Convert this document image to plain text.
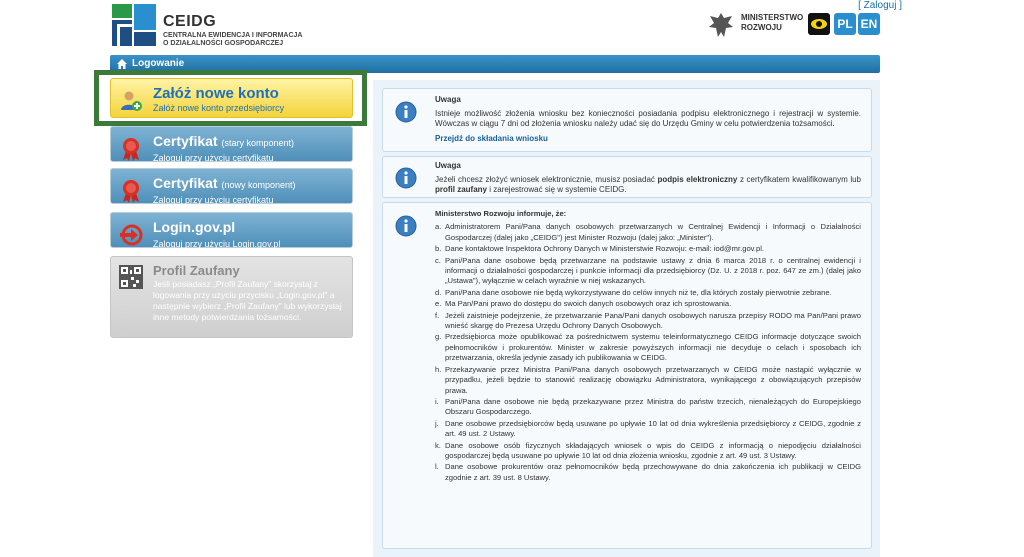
CEIDG
CENTRALNA EWIDENCJA I INFORMACJA
O DZIAŁALNOŚCI GOSPODARCZEJ
[ Zaloguj ]
MINISTERSTWO
ROZWOJU	PL EN
Logowanie
Załóż nowe konto
Załóż nowe konto przedsiębiorcy
Certyfikat (stary komponent)
Zaloguj przy użyciu certyfikatu
Certyfikat (nowy komponent)
Zaloguj przy użyciu certyfikatu
Login.gov.pl
Zaloguj przy użyciu Login.gov.pl
Profil Zaufany
Jeśli posiadasz „Profil Zaufany" skorzystaj z logowania przy użyciu przycisku „Login.gov.pl" a następnie wybierz „Profil Zaufany" lub wykorzystaj inne metody potwierdzania tożsamości.
Uwaga

Istnieje możliwość złożenia wniosku bez konieczności posiadania podpisu elektronicznego i rejestracji w systemie. Wówczas w ciągu 7 dni od złożenia wniosku należy udać się do Urzędu Gminy w celu potwierdzenia tożsamości.

Przejdź do składania wniosku
Uwaga

Jeżeli chcesz złożyć wniosek elektronicznie, musisz posiadać podpis elektroniczny z certyfikatem kwalifikowanym lub profil zaufany i zarejestrować się w systemie CEIDG.

Ministerstwo Rozwoju informuje, że:
a. Administratorem Pani/Pana danych osobowych przetwarzanych w Centralnej Ewidencji i Informacji o Działalności Gospodarczej (dalej jako „CEIDG") jest Minister Rozwoju (dalej jako: „Minister").
b. Dane kontaktowe Inspektora Ochrony Danych w Ministerstwie Rozwoju: e-mail: iod@mr.gov.pl.
c. Pani/Pana dane osobowe będą przetwarzane na podstawie ustawy z dnia 6 marca 2018 r. o centralnej ewidencji i informacji o działalności gospodarczej i punkcie informacji dla przedsiębiorcy (Dz. U. z 2018 r. poz. 647 ze zm.) (dalej jako „Ustawa"), wyłącznie w celach wyraźnie w niej wskazanych.
d. Pani/Pana dane osobowe nie będą wykorzystywane do celów innych niż te, dla których zostały pierwotnie zebrane.
e. Ma Pan/Pani prawo do dostępu do swoich danych osobowych oraz ich sprostowania.
f. Jeżeli zaistnieje podejrzenie, że przetwarzanie Pana/Pani danych osobowych narusza przepisy RODO ma Pan/Pani prawo wnieść skargę do Prezesa Urzędu Ochrony Danych Osobowych.
g. Przedsiębiorca może opublikować za pośrednictwem systemu teleinformatycznego CEIDG informacje dotyczące swoich pełnomocników i prokurentów. Minister w zakresie powyższych informacji nie decyduje o celach i sposobach ich przetwarzania, określa jedynie zasady ich publikowania w CEIDG.
h. Przekazywanie przez Ministra Pani/Pana danych osobowych przetwarzanych w CEIDG może nastąpić wyłącznie w przypadku, jeżeli będzie to stanowić realizację obowiązku Administratora, wynikającego z obowiązujących przepisów prawa.
i. Pani/Pana dane osobowe nie będą przekazywane przez Ministra do państw trzecich, nienależących do Europejskiego Obszaru Gospodarczego.
j. Dane osobowe przedsiębiorców będą usuwane po upływie 10 lat od dnia wykreślenia przedsiębiorcy z CEIDG, zgodnie z art. 49 ust. 2 Ustawy.
k. Dane osobowe osób fizycznych składających wniosek o wpis do CEIDG z informacją o niepodjęciu działalności gospodarczej będą usuwane po upływie 10 lat od dnia złożenia wniosku, zgodnie z art. 49 ust. 3 Ustawy.
l. Dane osobowe prokurentów oraz pełnomocników będą przechowywane do dnia zakończenia ich publikacji w CEIDG zgodnie z art. 39 ust. 8 Ustawy.
